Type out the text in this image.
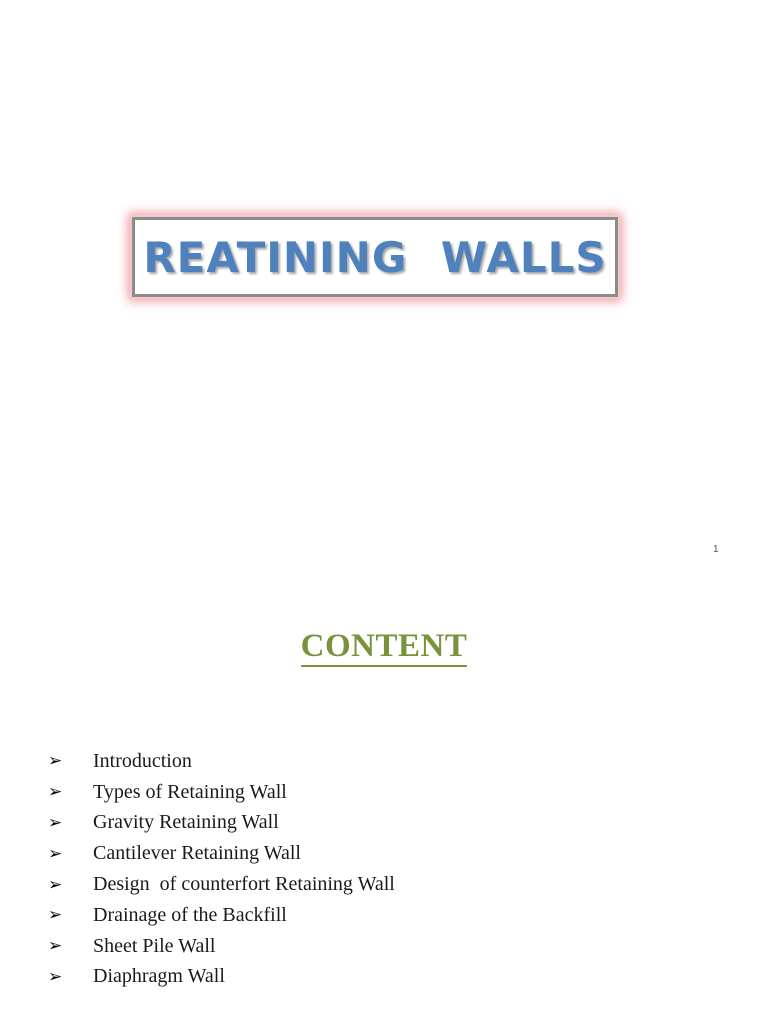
REATINING WALLS
1
CONTENT
➢	Introduction
➢	Types of Retaining Wall
➢	Gravity Retaining Wall
➢	Cantilever Retaining Wall
➢	Design  of counterfort Retaining Wall
➢	Drainage of the Backfill
➢	Sheet Pile Wall
➢	Diaphragm Wall
